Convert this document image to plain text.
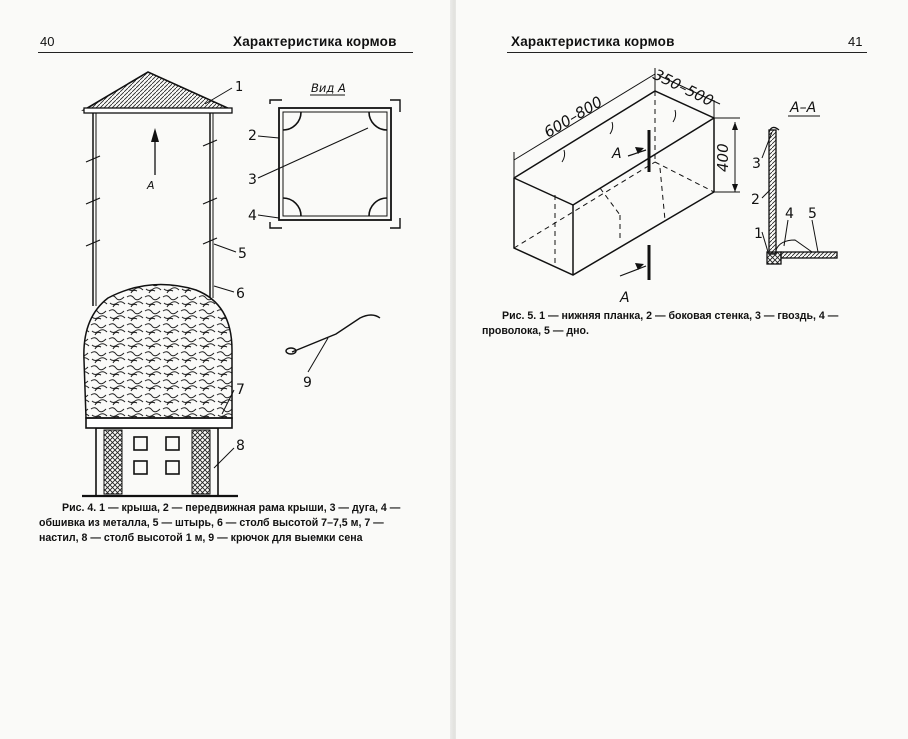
40	Характеристика кормов	Характеристика кормов	41
А
Вид А
1
2
3
4
5
6
7
8
9
600–800
350–500
400
А
А
А–А
3
2
4 5
1
Рис. 4. 1 — крыша, 2 — передвижная рама крыши, 3 — дуга, 4 —
обшивка из металла, 5 — штырь, 6 — столб высотой 7–7,5 м, 7 —
настил, 8 — столб высотой 1 м, 9 — крючок для выемки сена
Рис. 5. 1 — нижняя планка, 2 — боковая стенка, 3 — гвоздь, 4 —
проволока, 5 — дно.
